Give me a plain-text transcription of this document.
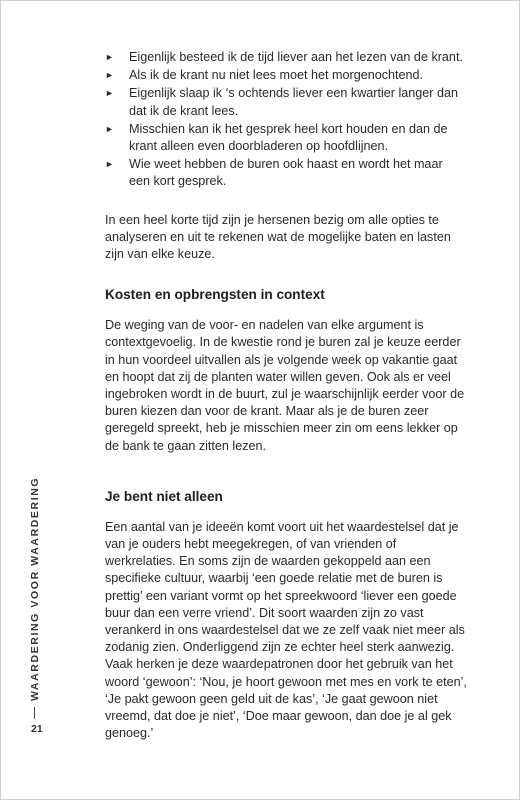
► Eigenlijk besteed ik de tijd liever aan het lezen van de krant.
► Als ik de krant nu niet lees moet het morgenochtend.
► Eigenlijk slaap ik ‘s ochtends liever een kwartier langer dan dat ik de krant lees.
► Misschien kan ik het gesprek heel kort houden en dan de krant alleen even doorbladeren op hoofdlijnen.
► Wie weet hebben de buren ook haast en wordt het maar een kort gesprek.

In een heel korte tijd zijn je hersenen bezig om alle opties te analyseren en uit te rekenen wat de mogelijke baten en lasten zijn van elke keuze.

Kosten en opbrengsten in context

De weging van de voor- en nadelen van elke argument is contextgevoelig. In de kwestie rond je buren zal je keuze eerder in hun voordeel uitvallen als je volgende week op vakantie gaat en hoopt dat zij de planten water willen geven. Ook als er veel ingebroken wordt in de buurt, zul je waarschijnlijk eerder voor de buren kiezen dan voor de krant. Maar als je de buren zeer geregeld spreekt, heb je misschien meer zin om eens lekker op de bank te gaan zitten lezen.

Je bent niet alleen

Een aantal van je ideeën komt voort uit het waardestelsel dat je van je ouders hebt meegekregen, of van vrienden of werkrelaties. En soms zijn de waarden gekoppeld aan een specifieke cultuur, waarbij ‘een goede relatie met de buren is prettig’ een variant vormt op het spreekwoord ‘liever een goede buur dan een verre vriend’. Dit soort waarden zijn zo vast verankerd in ons waardestelsel dat we ze zelf vaak niet meer als zodanig zien. Onderliggend zijn ze echter heel sterk aanwezig. Vaak herken je deze waardepatronen door het gebruik van het woord ‘gewoon’: ‘Nou, je hoort gewoon met mes en vork te eten’, ‘Je pakt gewoon geen geld uit de kas’, ‘Je gaat gewoon niet vreemd, dat doe je niet’, ‘Doe maar gewoon, dan doe je al gek genoeg.’

WAARDERING VOOR WAARDERING
21
